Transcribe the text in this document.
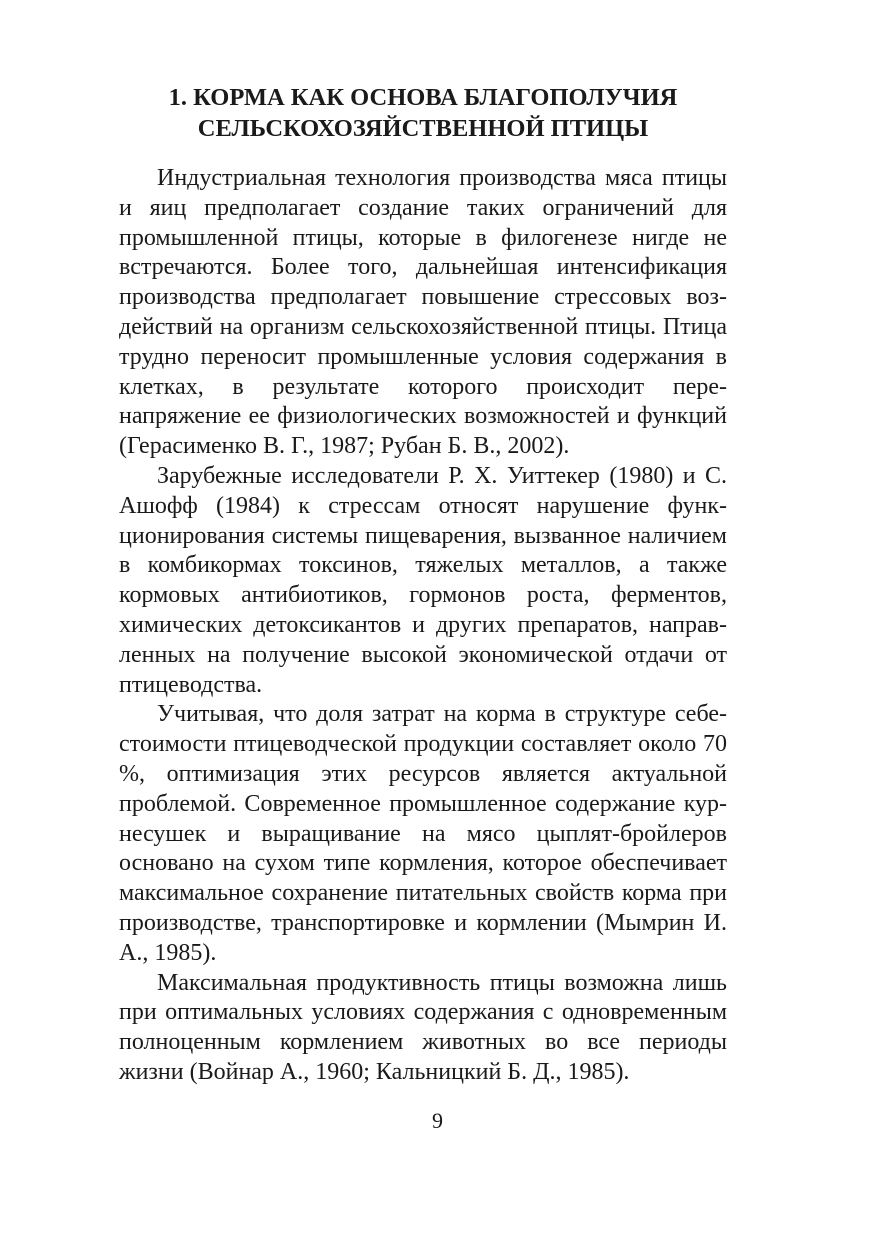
1. КОРМА КАК ОСНОВА БЛАГОПОЛУЧИЯ
СЕЛЬСКОХОЗЯЙСТВЕННОЙ ПТИЦЫ

Индустриальная технология производства мяса птицы и яиц предполагает создание таких ограничений для промышленной птицы, которые в филогенезе нигде не встречаются. Более того, дальнейшая интенсификация производства предполагает повышение стрессовых воздействий на организм сельскохозяйственной птицы. Птица трудно переносит промышленные условия содержания в клетках, в результате которого происходит перенапряжение ее физиологических возможностей и функций (Герасименко В. Г., 1987; Рубан Б. В., 2002).

Зарубежные исследователи Р. Х. Уиттекер (1980) и С. Ашофф (1984) к стрессам относят нарушение функционирования системы пищеварения, вызванное наличием в комбикормах токсинов, тяжелых металлов, а также кормовых антибиотиков, гормонов роста, ферментов, химических детоксикантов и других препаратов, направленных на получение высокой экономической отдачи от птицеводства.

Учитывая, что доля затрат на корма в структуре себестоимости птицеводческой продукции составляет около 70 %, оптимизация этих ресурсов является актуальной проблемой. Современное промышленное содержание кур-несушек и выращивание на мясо цыплят-бройлеров основано на сухом типе кормления, которое обеспечивает максимальное сохранение питательных свойств корма при производстве, транспортировке и кормлении (Мымрин И. А., 1985).

Максимальная продуктивность птицы возможна лишь при оптимальных условиях содержания с одновременным полноценным кормлением животных во все периоды жизни (Войнар А., 1960; Кальницкий Б. Д., 1985).

9
